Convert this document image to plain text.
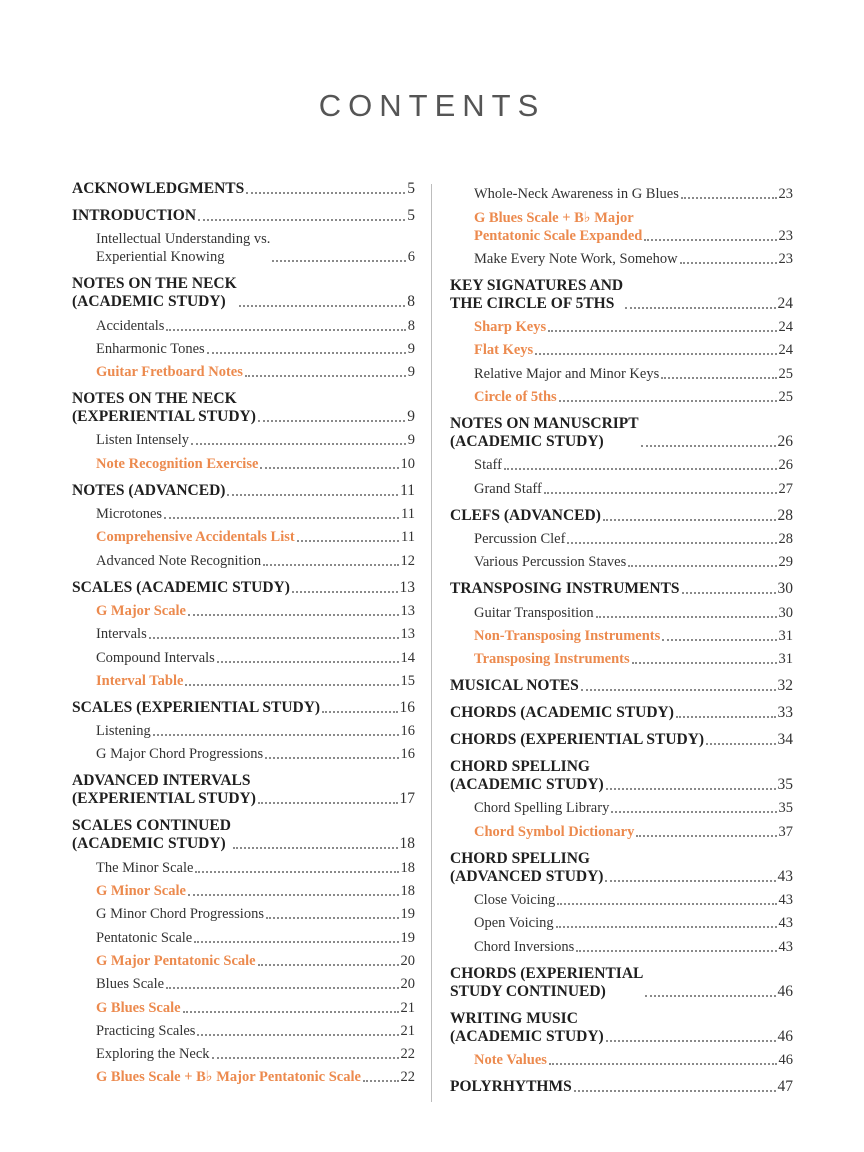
CONTENTS
ACKNOWLEDGMENTS	5
INTRODUCTION	5
Intellectual Understanding vs.
Experiential Knowing	6
NOTES ON THE NECK
(ACADEMIC STUDY)	8
Accidentals	8
Enharmonic Tones	9
Guitar Fretboard Notes	9
NOTES ON THE NECK
(EXPERIENTIAL STUDY)	9
Listen Intensely	9
Note Recognition Exercise	10
NOTES (ADVANCED)	11
Microtones	11
Comprehensive Accidentals List	11
Advanced Note Recognition	12
SCALES (ACADEMIC STUDY)	13
G Major Scale	13
Intervals	13
Compound Intervals	14
Interval Table	15
SCALES (EXPERIENTIAL STUDY)	16
Listening	16
G Major Chord Progressions	16
ADVANCED INTERVALS
(EXPERIENTIAL STUDY)	17
SCALES CONTINUED
(ACADEMIC STUDY)	18
The Minor Scale	18
G Minor Scale	18
G Minor Chord Progressions	19
Pentatonic Scale	19
G Major Pentatonic Scale	20
Blues Scale	20
G Blues Scale	21
Practicing Scales	21
Exploring the Neck	22
G Blues Scale + B♭ Major Pentatonic Scale	22
Whole-Neck Awareness in G Blues	23
G Blues Scale + B♭ Major
Pentatonic Scale Expanded	23
Make Every Note Work, Somehow	23
KEY SIGNATURES AND
THE CIRCLE OF 5THS	24
Sharp Keys	24
Flat Keys	24
Relative Major and Minor Keys	25
Circle of 5ths	25
NOTES ON MANUSCRIPT
(ACADEMIC STUDY)	26
Staff	26
Grand Staff	27
CLEFS (ADVANCED)	28
Percussion Clef	28
Various Percussion Staves	29
TRANSPOSING INSTRUMENTS	30
Guitar Transposition	30
Non-Transposing Instruments	31
Transposing Instruments	31
MUSICAL NOTES	32
CHORDS (ACADEMIC STUDY)	33
CHORDS (EXPERIENTIAL STUDY)	34
CHORD SPELLING
(ACADEMIC STUDY)	35
Chord Spelling Library	35
Chord Symbol Dictionary	37
CHORD SPELLING
(ADVANCED STUDY)	43
Close Voicing	43
Open Voicing	43
Chord Inversions	43
CHORDS (EXPERIENTIAL
STUDY CONTINUED)	46
WRITING MUSIC
(ACADEMIC STUDY)	46
Note Values	46
POLYRHYTHMS	47
